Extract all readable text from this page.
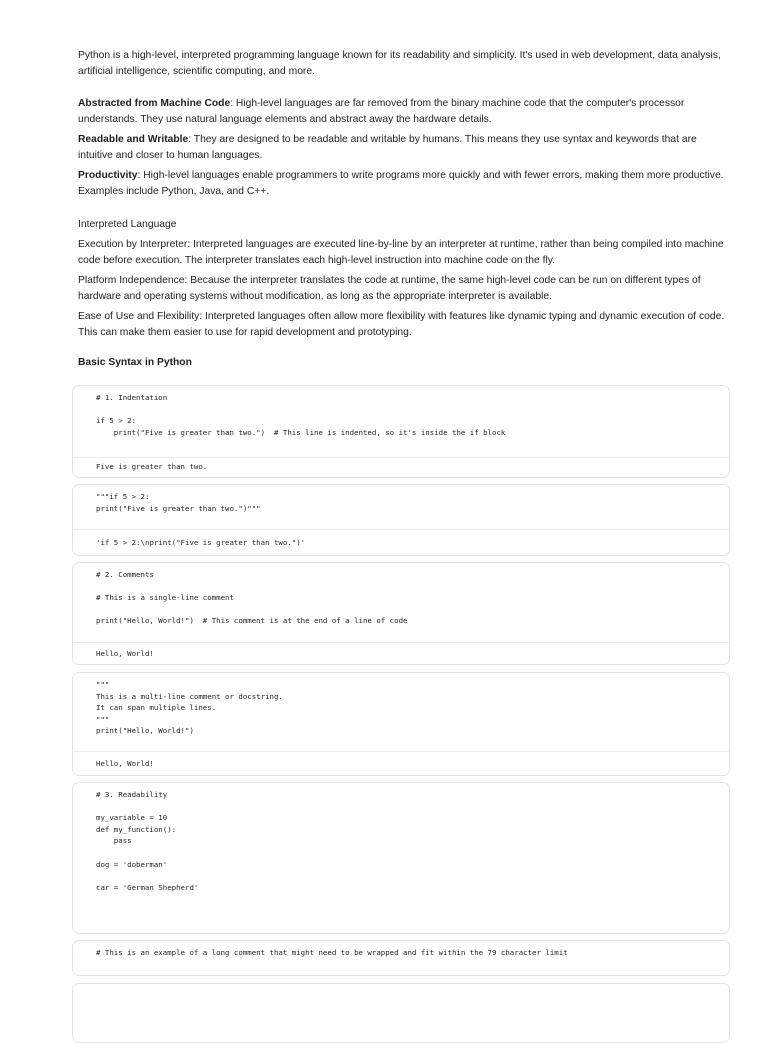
Python is a high-level, interpreted programming language known for its readability and simplicity. It's used in web development, data analysis, artificial intelligence, scientific computing, and more.

Abstracted from Machine Code: High-level languages are far removed from the binary machine code that the computer's processor understands. They use natural language elements and abstract away the hardware details.

Readable and Writable: They are designed to be readable and writable by humans. This means they use syntax and keywords that are intuitive and closer to human languages.

Productivity: High-level languages enable programmers to write programs more quickly and with fewer errors, making them more productive. Examples include Python, Java, and C++.

Interpreted Language

Execution by Interpreter: Interpreted languages are executed line-by-line by an interpreter at runtime, rather than being compiled into machine code before execution. The interpreter translates each high-level instruction into machine code on the fly.

Platform Independence: Because the interpreter translates the code at runtime, the same high-level code can be run on different types of hardware and operating systems without modification, as long as the appropriate interpreter is available.

Ease of Use and Flexibility: Interpreted languages often allow more flexibility with features like dynamic typing and dynamic execution of code. This can make them easier to use for rapid development and prototyping.

Basic Syntax in Python
# 1. Indentation

if 5 > 2:
print("Five is greater than two.")  # This line is indented, so it's inside the if block
Five is greater than two.
"""if 5 > 2:
print("Five is greater than two.")"""
'if 5 > 2:\nprint("Five is greater than two.")'
# 2. Comments

# This is a single-line comment

print("Hello, World!")  # This comment is at the end of a line of code
Hello, World!
"""
This is a multi-line comment or docstring.
It can span multiple lines.
"""
print("Hello, World!")
Hello, World!
# 3. Readability

my_variable = 10
def my_function():
pass

dog = 'doberman'

car = 'German Shepherd'
# This is an example of a long comment that might need to be wrapped and fit within the 79 character limit
